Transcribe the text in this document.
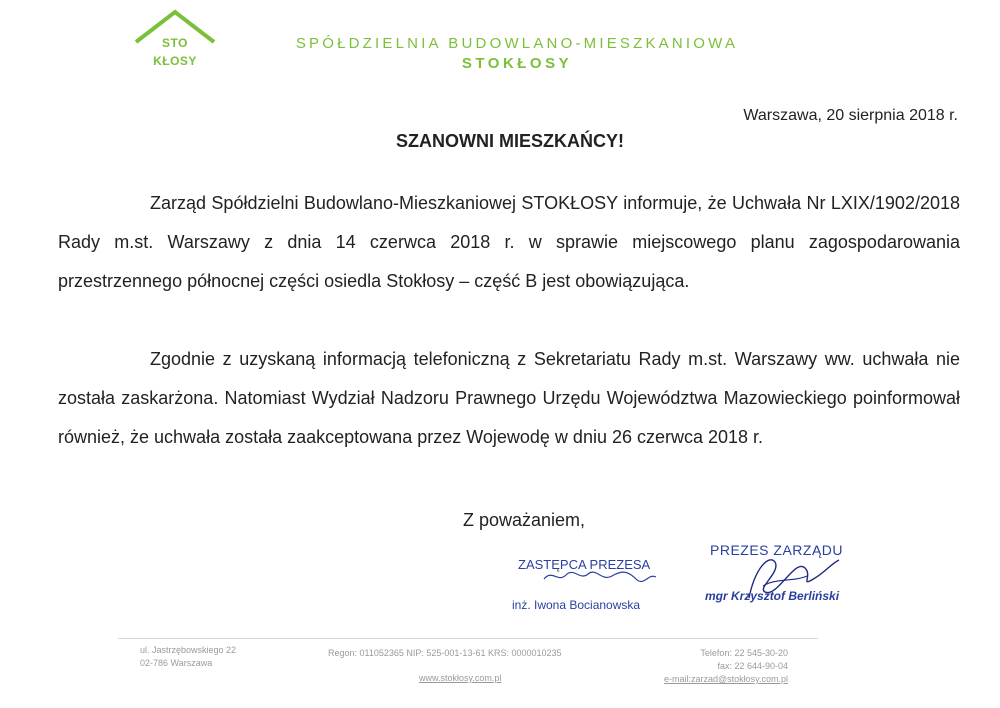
STO
KŁOSY
SPÓŁDZIELNIA BUDOWLANO-MIESZKANIOWA
STOKŁOSY
Warszawa, 20 sierpnia 2018 r.
SZANOWNI MIESZKAŃCY!

Zarząd Spółdzielni Budowlano-Mieszkaniowej STOKŁOSY informuje, że Uchwała Nr LXIX/1902/2018 Rady m.st. Warszawy z dnia 14 czerwca 2018 r. w sprawie miejscowego planu zagospodarowania przestrzennego północnej części osiedla Stokłosy – część B jest obowiązująca.

Zgodnie z uzyskaną informacją telefoniczną z Sekretariatu Rady m.st. Warszawy ww. uchwała nie została zaskarżona. Natomiast Wydział Nadzoru Prawnego Urzędu Województwa Mazowieckiego poinformował również, że uchwała została zaakceptowana przez Wojewodę w dniu 26 czerwca 2018 r.

Z poważaniem,
ZASTĘPCA PREZESA
inż. Iwona Bocianowska
PREZES ZARZĄDU
mgr Krzysztof Berliński
ul. Jastrzębowskiego 22
02-786 Warszawa
Regon: 011052365 NIP: 525-001-13-61 KRS: 0000010235
www.stokłosy.com.pl
Telefon: 22 545-30-20
fax: 22 644-90-04
e-mail:zarzad@stokłosy.com.pl
